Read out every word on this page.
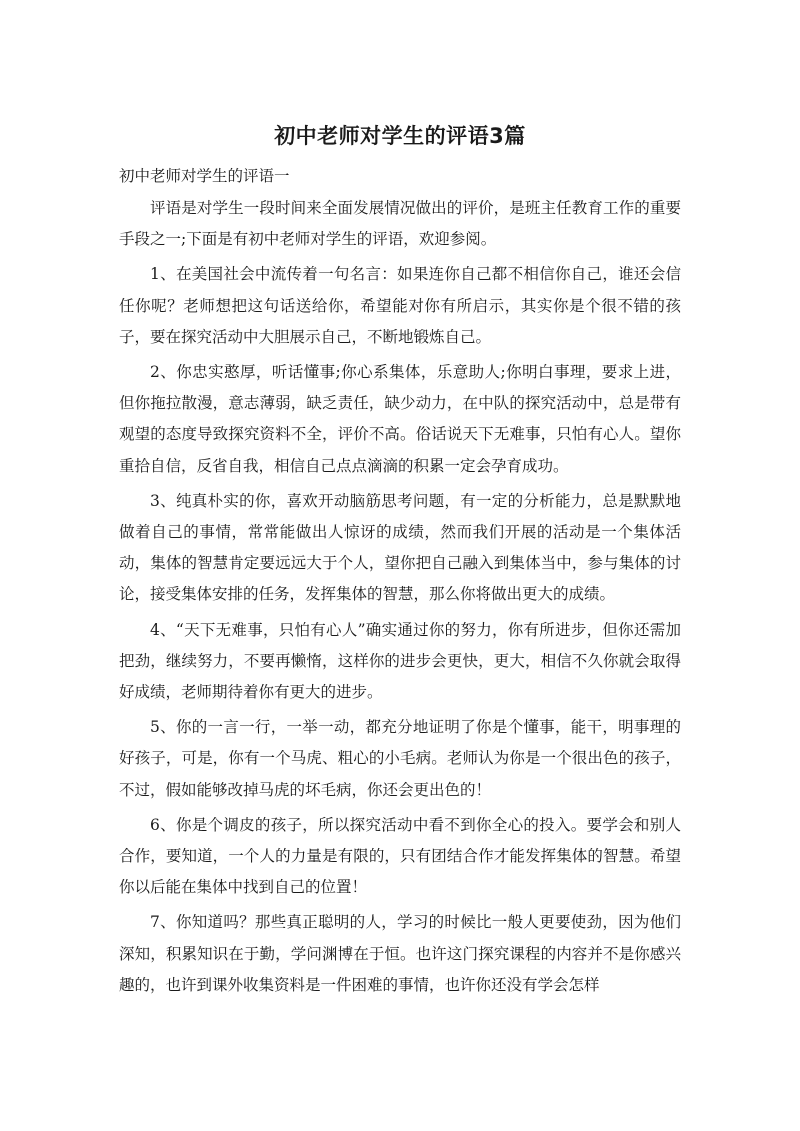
初中老师对学生的评语3篇

初中老师对学生的评语一

评语是对学生一段时间来全面发展情况做出的评价，是班主任教育工作的重要手段之一;下面是有初中老师对学生的评语，欢迎参阅。

1、在美国社会中流传着一句名言：如果连你自己都不相信你自己，谁还会信任你呢？老师想把这句话送给你，希望能对你有所启示，其实你是个很不错的孩子，要在探究活动中大胆展示自己，不断地锻炼自己。

2、你忠实憨厚，听话懂事;你心系集体，乐意助人;你明白事理，要求上进，但你拖拉散漫，意志薄弱，缺乏责任，缺少动力，在中队的探究活动中，总是带有观望的态度导致探究资料不全，评价不高。俗话说天下无难事，只怕有心人。望你重拾自信，反省自我，相信自己点点滴滴的积累一定会孕育成功。

3、纯真朴实的你，喜欢开动脑筋思考问题，有一定的分析能力，总是默默地做着自己的事情，常常能做出人惊讶的成绩，然而我们开展的活动是一个集体活动，集体的智慧肯定要远远大于个人，望你把自己融入到集体当中，参与集体的讨论，接受集体安排的任务，发挥集体的智慧，那么你将做出更大的成绩。

4、“天下无难事，只怕有心人”确实通过你的努力，你有所进步，但你还需加把劲，继续努力，不要再懒惰，这样你的进步会更快，更大，相信不久你就会取得好成绩，老师期待着你有更大的进步。

5、你的一言一行，一举一动，都充分地证明了你是个懂事，能干，明事理的好孩子，可是，你有一个马虎、粗心的小毛病。老师认为你是一个很出色的孩子，不过，假如能够改掉马虎的坏毛病，你还会更出色的！

6、你是个调皮的孩子，所以探究活动中看不到你全心的投入。要学会和别人合作，要知道，一个人的力量是有限的，只有团结合作才能发挥集体的智慧。希望你以后能在集体中找到自己的位置！

7、你知道吗？那些真正聪明的人，学习的时候比一般人更要使劲，因为他们深知，积累知识在于勤，学问渊博在于恒。也许这门探究课程的内容并不是你感兴趣的，也许到课外收集资料是一件困难的事情，也许你还没有学会怎样
